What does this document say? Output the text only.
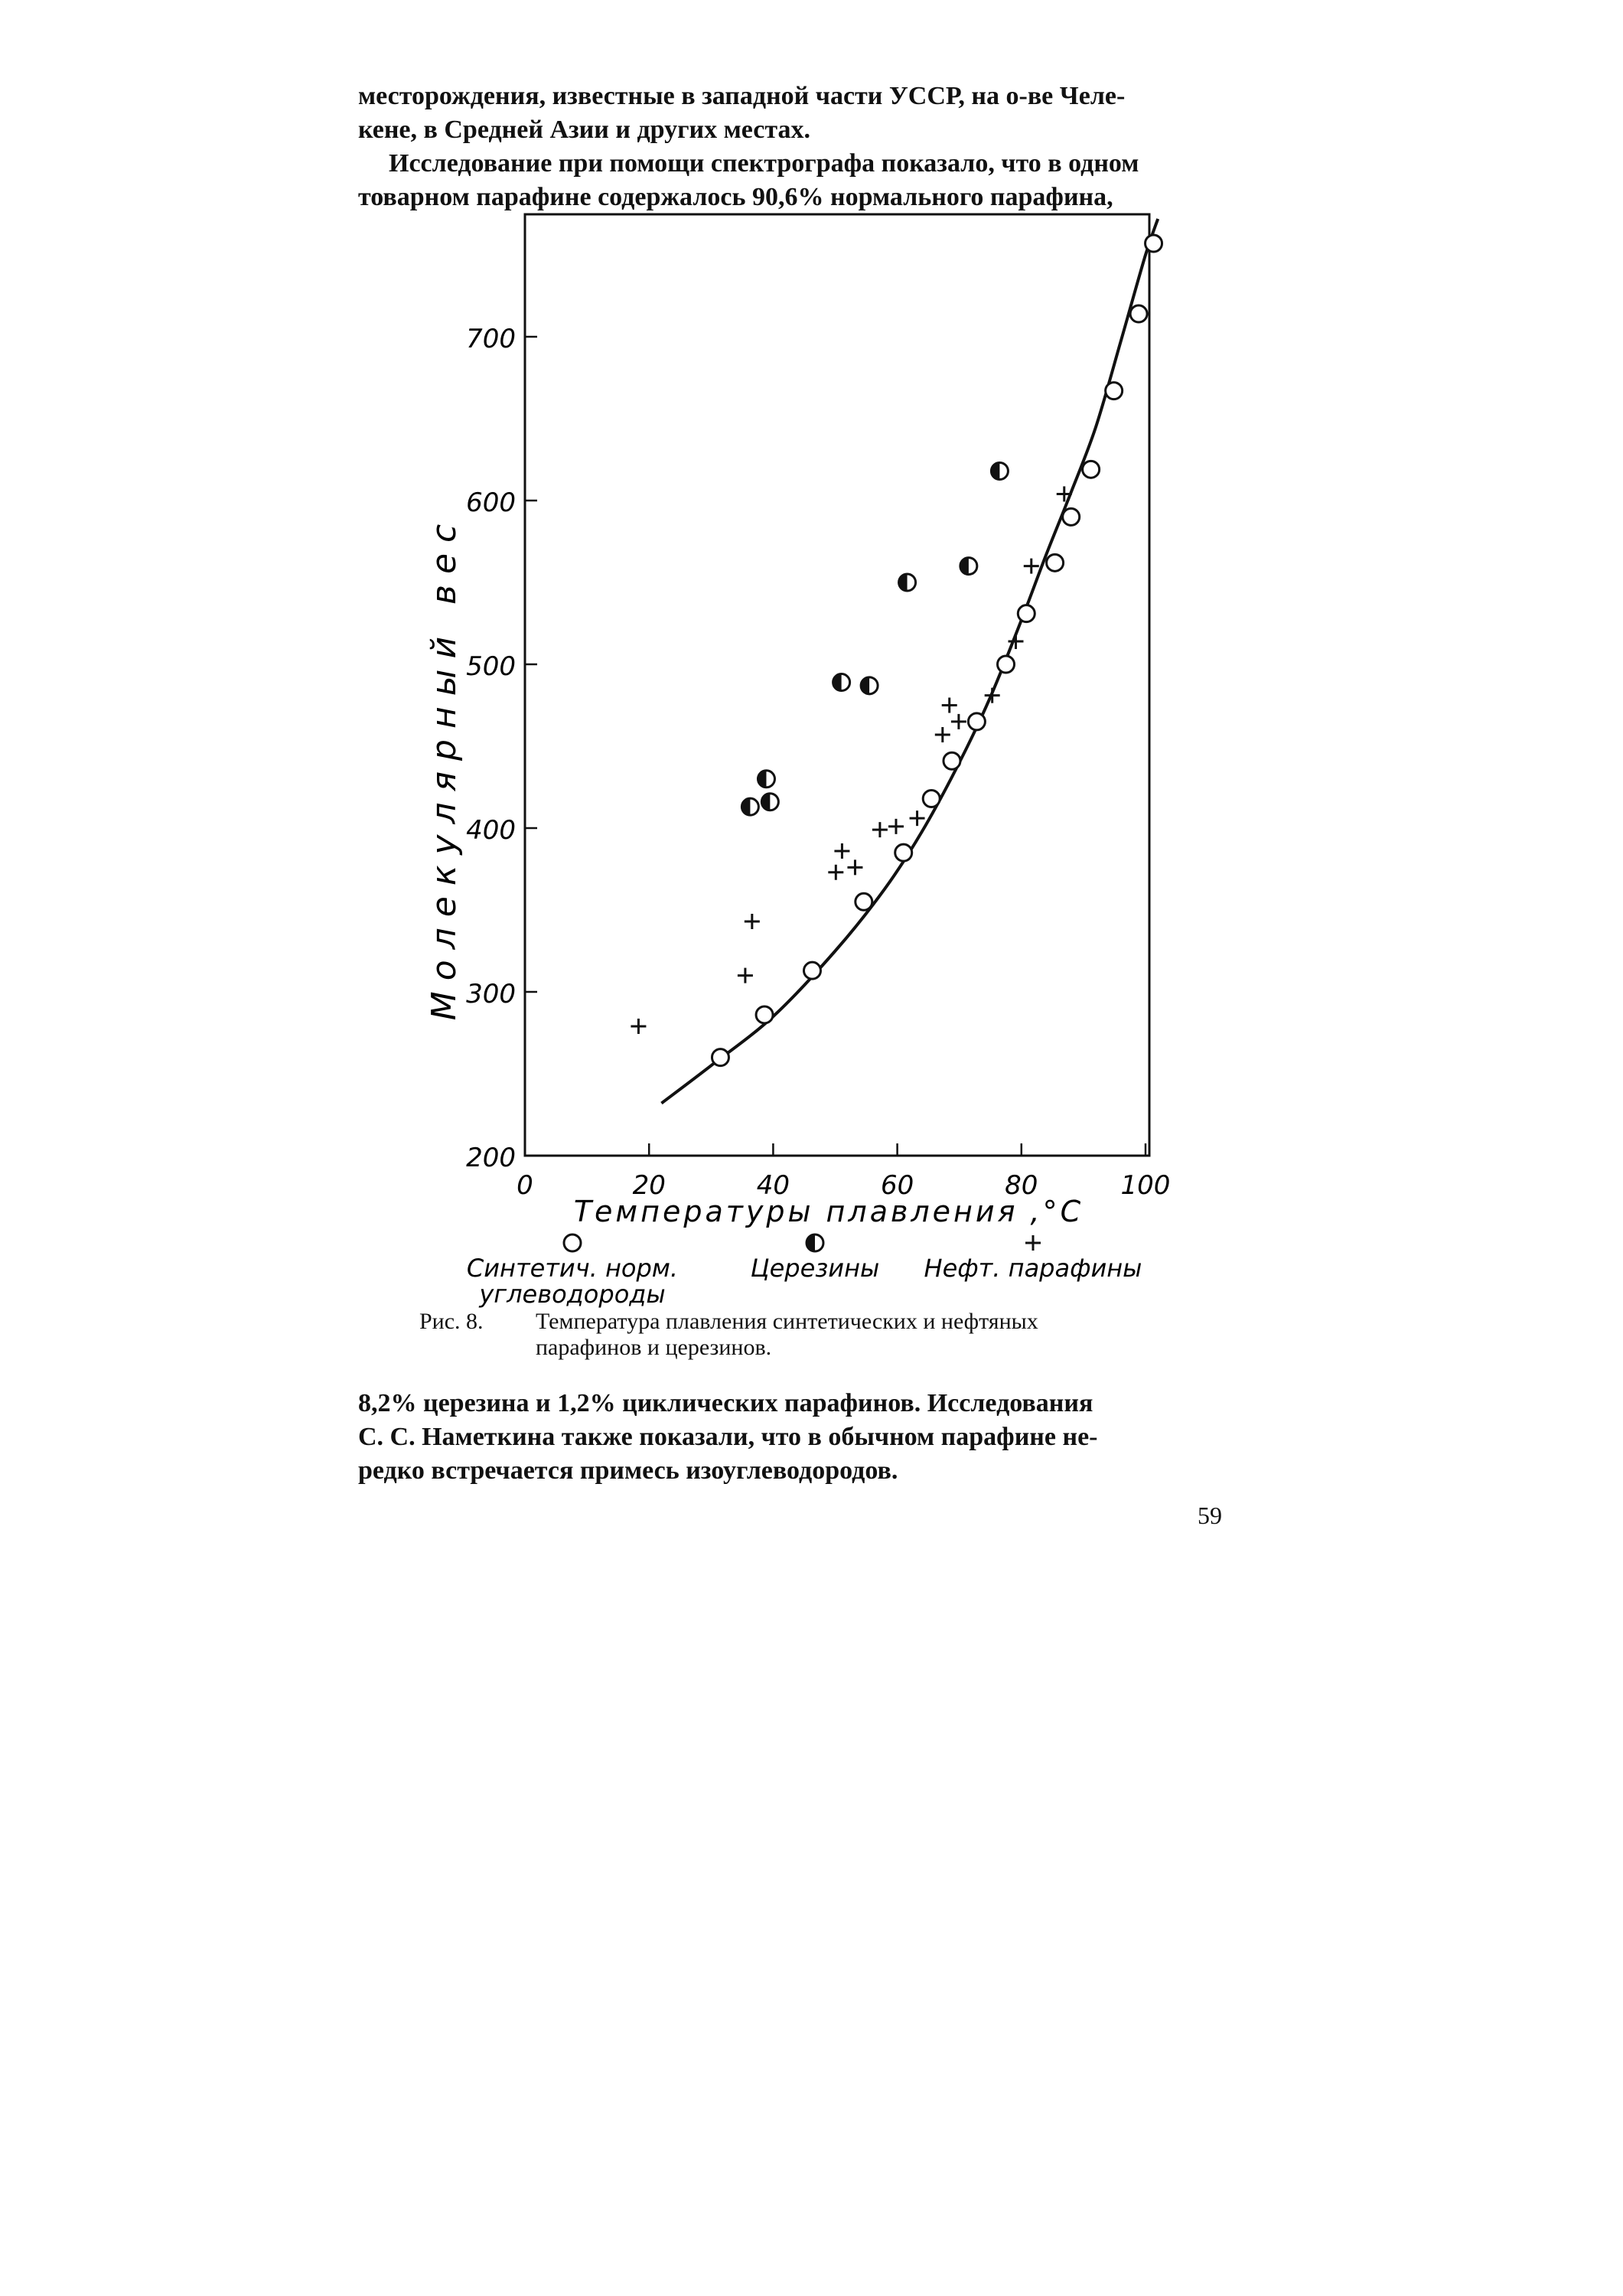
месторождения, известные в западной части УССР, на о-ве Челе-

кене, в Средней Азии и других местах.

Исследование при помощи спектрографа показало, что в одном

товарном парафине содержалось 90,6% нормального парафина,

200
300
400
500
600
700
0	20	40	60	80	100
Молекулярный вес
Температуры плавления ,°C
Синтетич. норм.
углеводороды
Церезины Нефт. парафины
Рис. 8. Температура плавления синтетических и нефтяных
парафинов и церезинов.

8,2% церезина и 1,2% циклических парафинов. Исследования

С. С. Наметкина также показали, что в обычном парафине не-

редко встречается примесь изоуглеводородов.

59
